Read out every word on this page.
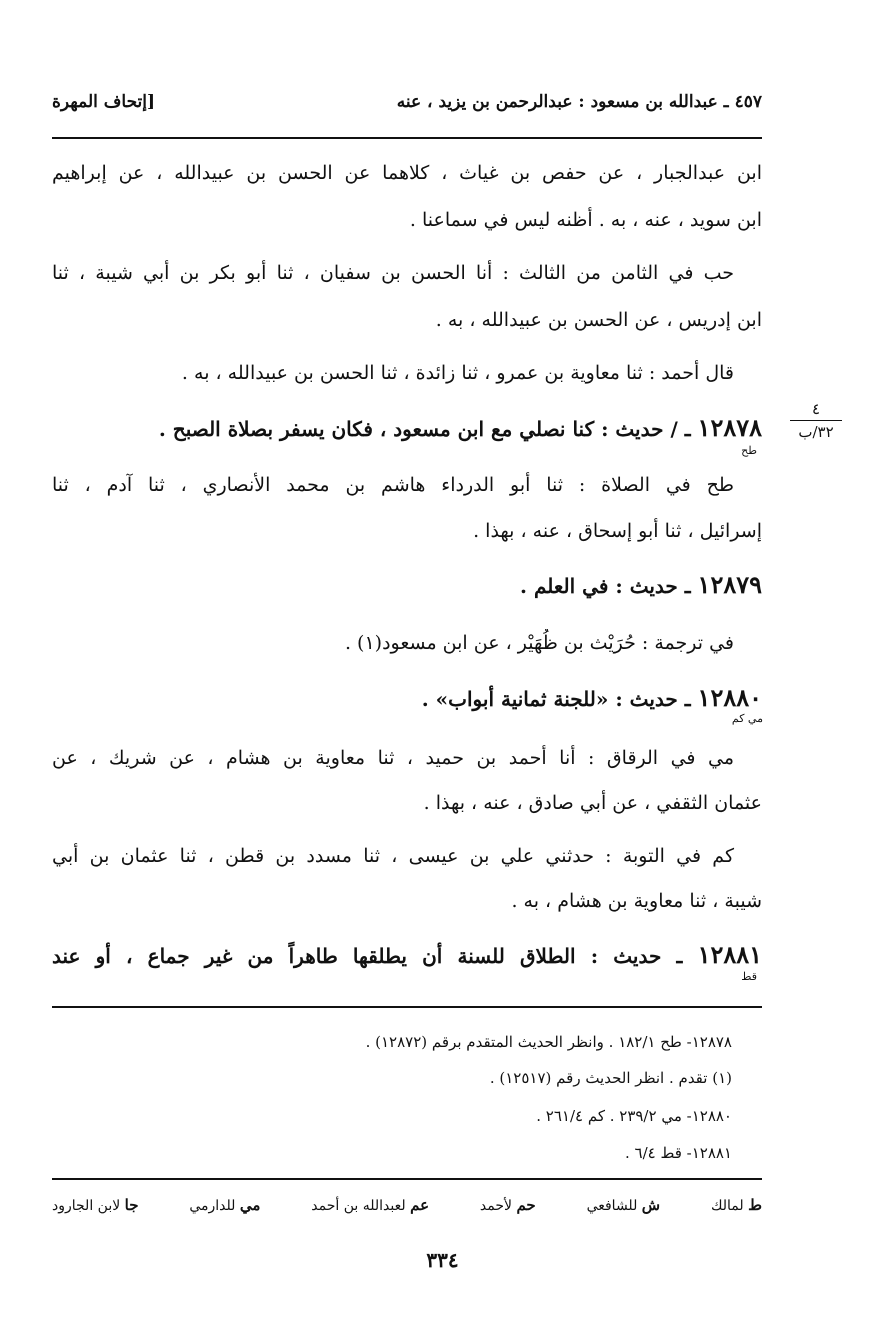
٤٥٧ ـ عبدالله بن مسعود : عبدالرحمن بن يزيد ، عنه
[إتحاف المهرة
ابن عبدالجبار ، عن حفص بن غياث ، كلاهما عن الحسن بن عبيدالله ، عن إبراهيم
ابن سويد ، عنه ، به . أظنه ليس في سماعنا .
حب في الثامن من الثالث : أنا الحسن بن سفيان ، ثنا أبو بكر بن أبي شيبة ، ثنا
ابن إدريس ، عن الحسن بن عبيدالله ، به .
قال أحمد : ثنا معاوية بن عمرو ، ثنا زائدة ، ثنا الحسن بن عبيدالله ، به .
١٢٨٧٨ ـ / حديث : كنا نصلي مع ابن مسعود ، فكان يسفر بصلاة الصبح .
طح
٤
٣٢/ب
طح في الصلاة : ثنا أبو الدرداء هاشم بن محمد الأنصاري ، ثنا آدم ، ثنا
إسرائيل ، ثنا أبو إسحاق ، عنه ، بهذا .
١٢٨٧٩ ـ حديث : في العلم .
في ترجمة : حُرَيْث بن ظُهَيْر ، عن ابن مسعود(١) .
١٢٨٨٠ ـ حديث : «للجنة ثمانية أبواب» .
مي كم
مي في الرقاق : أنا أحمد بن حميد ، ثنا معاوية بن هشام ، عن شريك ، عن
عثمان الثقفي ، عن أبي صادق ، عنه ، بهذا .
كم في التوبة : حدثني علي بن عيسى ، ثنا مسدد بن قطن ، ثنا عثمان بن أبي
شيبة ، ثنا معاوية بن هشام ، به .
١٢٨٨١ ـ حديث : الطلاق للسنة أن يطلقها طاهراً من غير جماع ، أو عند
قط
١٢٨٧٨- طح ١٨٢/١ . وانظر الحديث المتقدم برقم (١٢٨٧٢) .
(١) تقدم . انظر الحديث رقم (١٢٥١٧) .
١٢٨٨٠- مي ٢٣٩/٢ . كم ٢٦١/٤ .
١٢٨٨١- قط ٦/٤ .
ط لمالك
ش للشافعي
حم لأحمد
عم لعبدالله بن أحمد
مي للدارمي
جا لابن الجارود
٣٣٤
